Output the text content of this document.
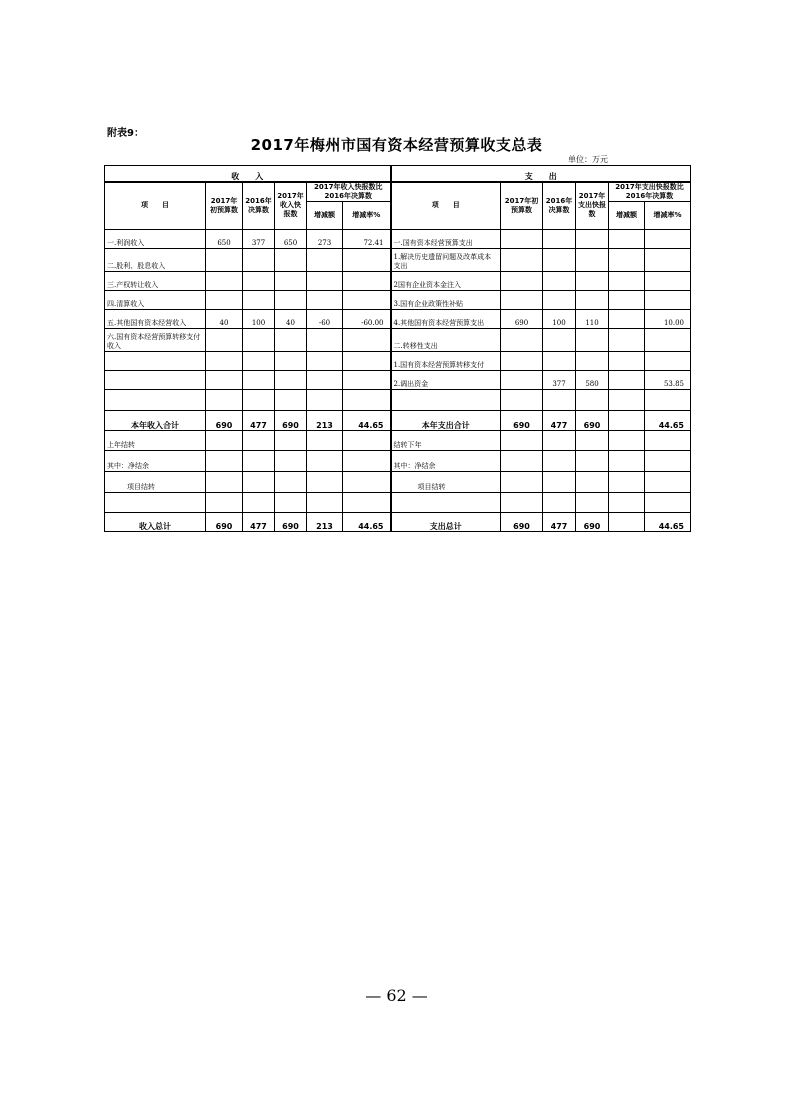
附表9：
2017年梅州市国有资本经营预算收支总表
单位：万元
收　　入						支　　出					
项　　目	2017年初预算数	2016年决算数	2017年收入快报数	2017年收入快报数比2016年决算数		项　　目	2017年初预算数	2016年决算数	2017年支出快报数	2017年支出快报数比2016年决算数	
				增减额	增减率%					增减额	增减率%
一.利润收入	650	377	650	273	72.41	一.国有资本经营预算支出					
二.股利、股息收入						1.解决历史遗留问题及改革成本支出					
三.产权转让收入						2国有企业资本金注入					
四.清算收入						3.国有企业政策性补贴					
五.其他国有资本经营收入	40	100	40	-60	-60.00	4.其他国有资本经营预算支出	690	100	110		10.00
六.国有资本经营预算转移支付收入						二.转移性支出					
						1.国有资本经营预算转移支付					
						2.调出资金		377	580		53.85

本年收入合计	690	477	690	213	44.65	本年支出合计	690	477	690		44.65
上年结转						结转下年					
其中：净结余						其中：净结余					
项目结转						项目结转					

收入总计	690	477	690	213	44.65	支出总计	690	477	690		44.65
— 62 —
